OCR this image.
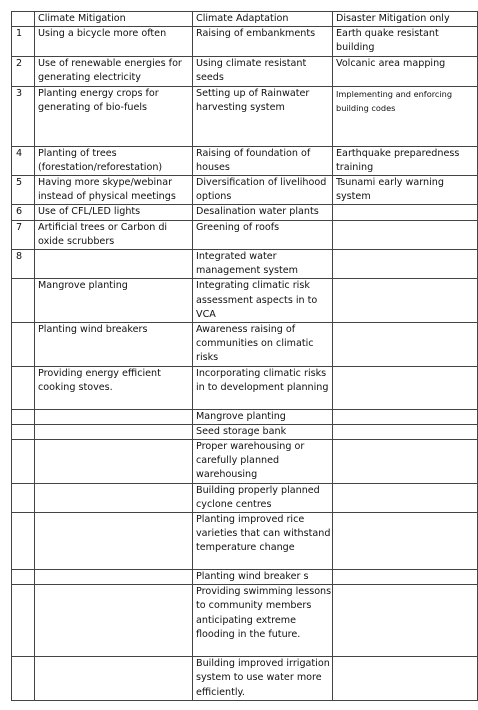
	Climate Mitigation	Climate Adaptation	Disaster Mitigation only
1	Using a bicycle more often	Raising of embankments	Earth quake resistant building
2	Use of renewable energies for generating electricity	Using climate resistant seeds	Volcanic area mapping
3	Planting energy crops for generating of bio-fuels	Setting up of Rainwater harvesting system	Implementing and enforcing building codes
4	Planting of trees (forestation/reforestation)	Raising of foundation of houses	Earthquake preparedness training
5	Having more skype/webinar instead of physical meetings	Diversification of livelihood options	Tsunami early warning system
6	Use of CFL/LED lights	Desalination water plants	
7	Artificial trees or Carbon di oxide scrubbers	Greening of roofs	
8		Integrated water management system	
	Mangrove planting	Integrating climatic risk assessment aspects in to VCA	
	Planting wind breakers	Awareness raising of communities on climatic risks	
	Providing energy efficient cooking stoves.	Incorporating climatic risks in to development planning	
		Mangrove planting	
		Seed storage bank	
		Proper warehousing or carefully planned warehousing	
		Building properly planned cyclone centres	
		Planting improved rice varieties that can withstand temperature change	
		Planting wind breaker s	
		Providing swimming lessons to community members anticipating extreme flooding in the future.	
		Building improved irrigation system to use water more efficiently.	
